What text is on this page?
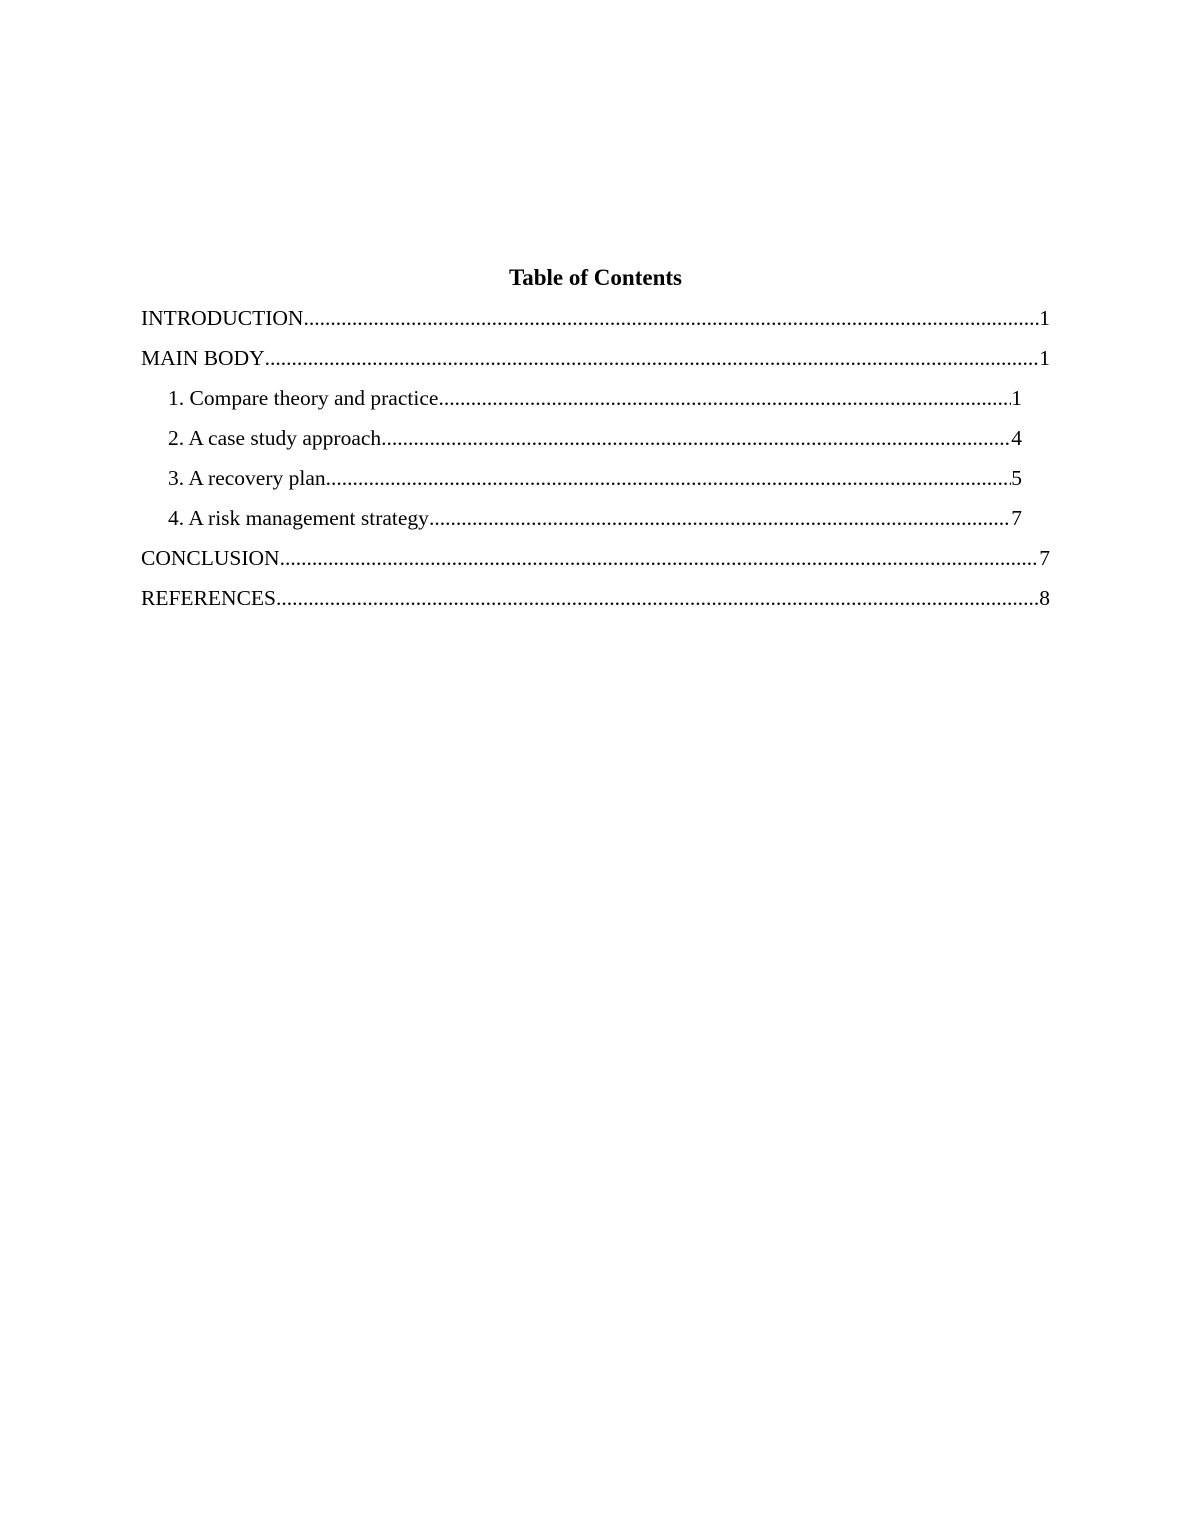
Table of Contents
INTRODUCTION .....	1
MAIN BODY .....	1
1. Compare theory and practice .....	1
2. A case study approach .....	4
3. A recovery plan .....	5
4. A risk management strategy .....	7
CONCLUSION .....	7
REFERENCES .....	8
